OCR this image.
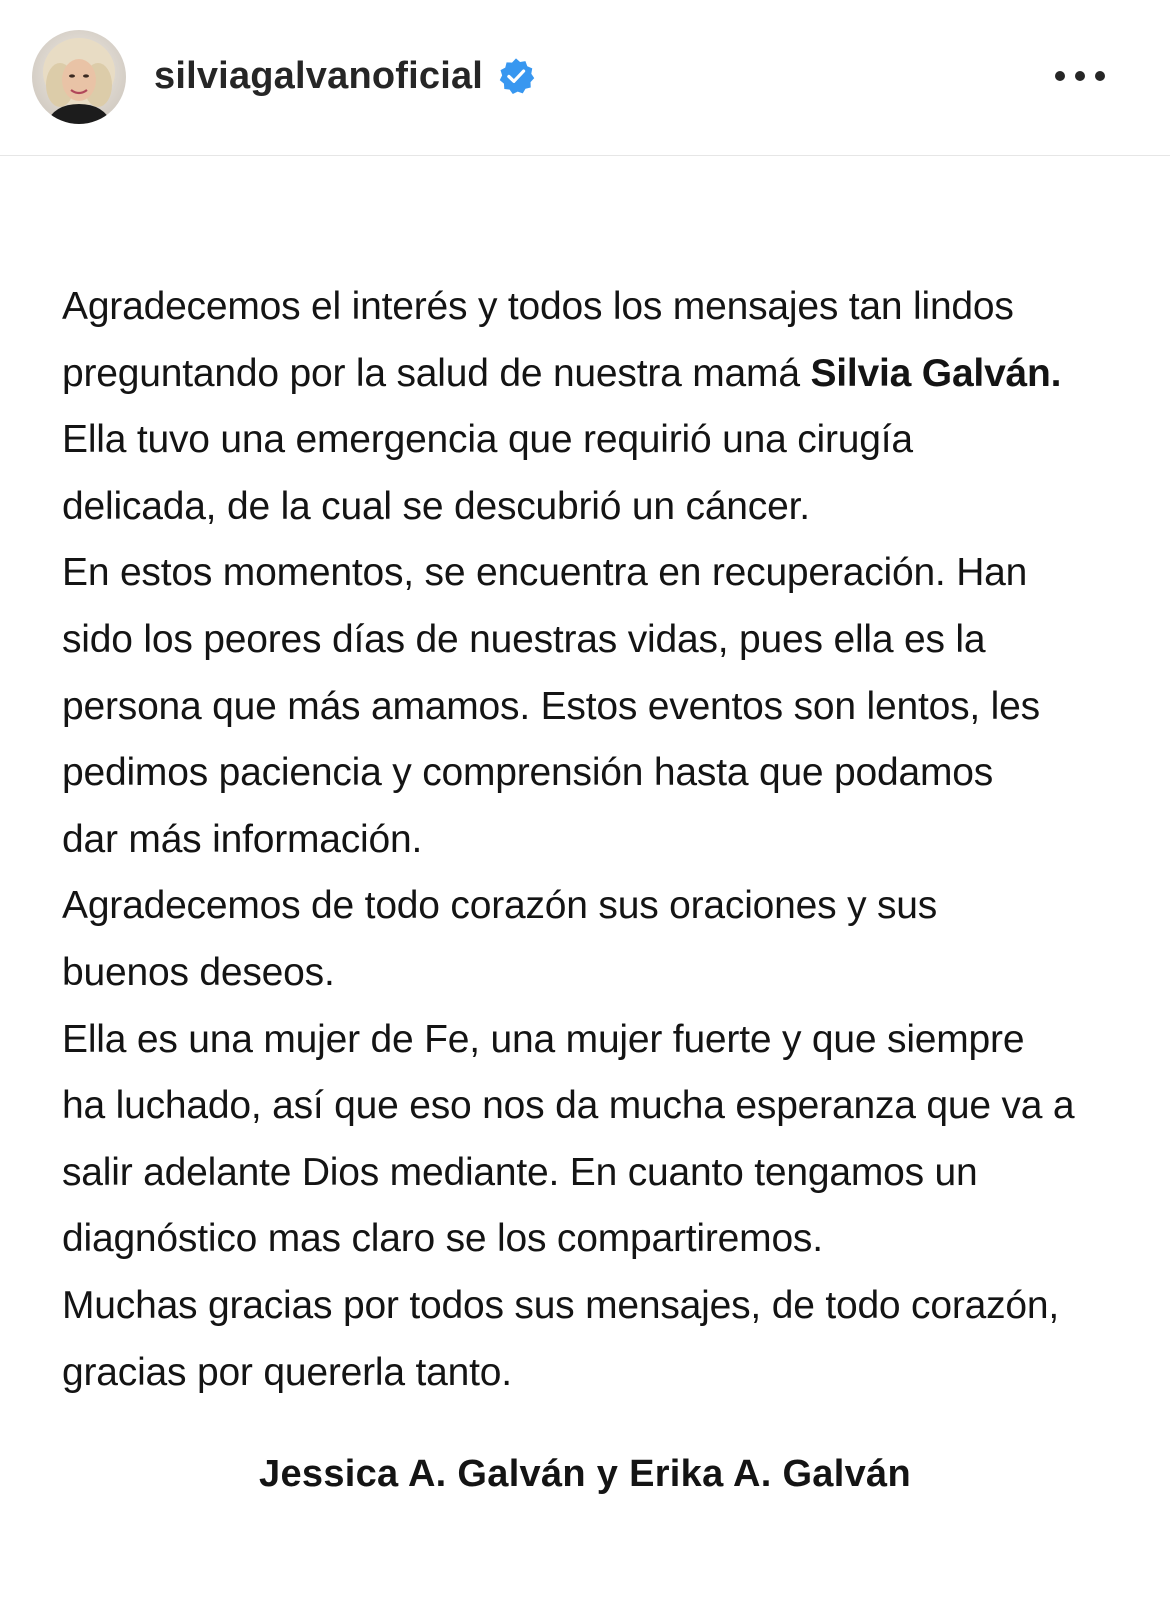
silviagalvanoficial
Agradecemos el interés y todos los mensajes tan lindos
preguntando por la salud de nuestra mamá Silvia Galván.
Ella tuvo una emergencia que requirió una cirugía
delicada, de la cual se descubrió un cáncer.
En estos momentos, se encuentra en recuperación. Han
sido los peores días de nuestras vidas, pues ella es la
persona que más amamos. Estos eventos son lentos, les
pedimos paciencia y comprensión hasta que podamos
dar más información.
Agradecemos de todo corazón sus oraciones y sus
buenos deseos.
Ella es una mujer de Fe, una mujer fuerte y que siempre
ha luchado, así que eso nos da mucha esperanza que va a
salir adelante Dios mediante. En cuanto tengamos un
diagnóstico mas claro se los compartiremos.
Muchas gracias por todos sus mensajes, de todo corazón,
gracias por quererla tanto.
Jessica A. Galván y Erika A. Galván
